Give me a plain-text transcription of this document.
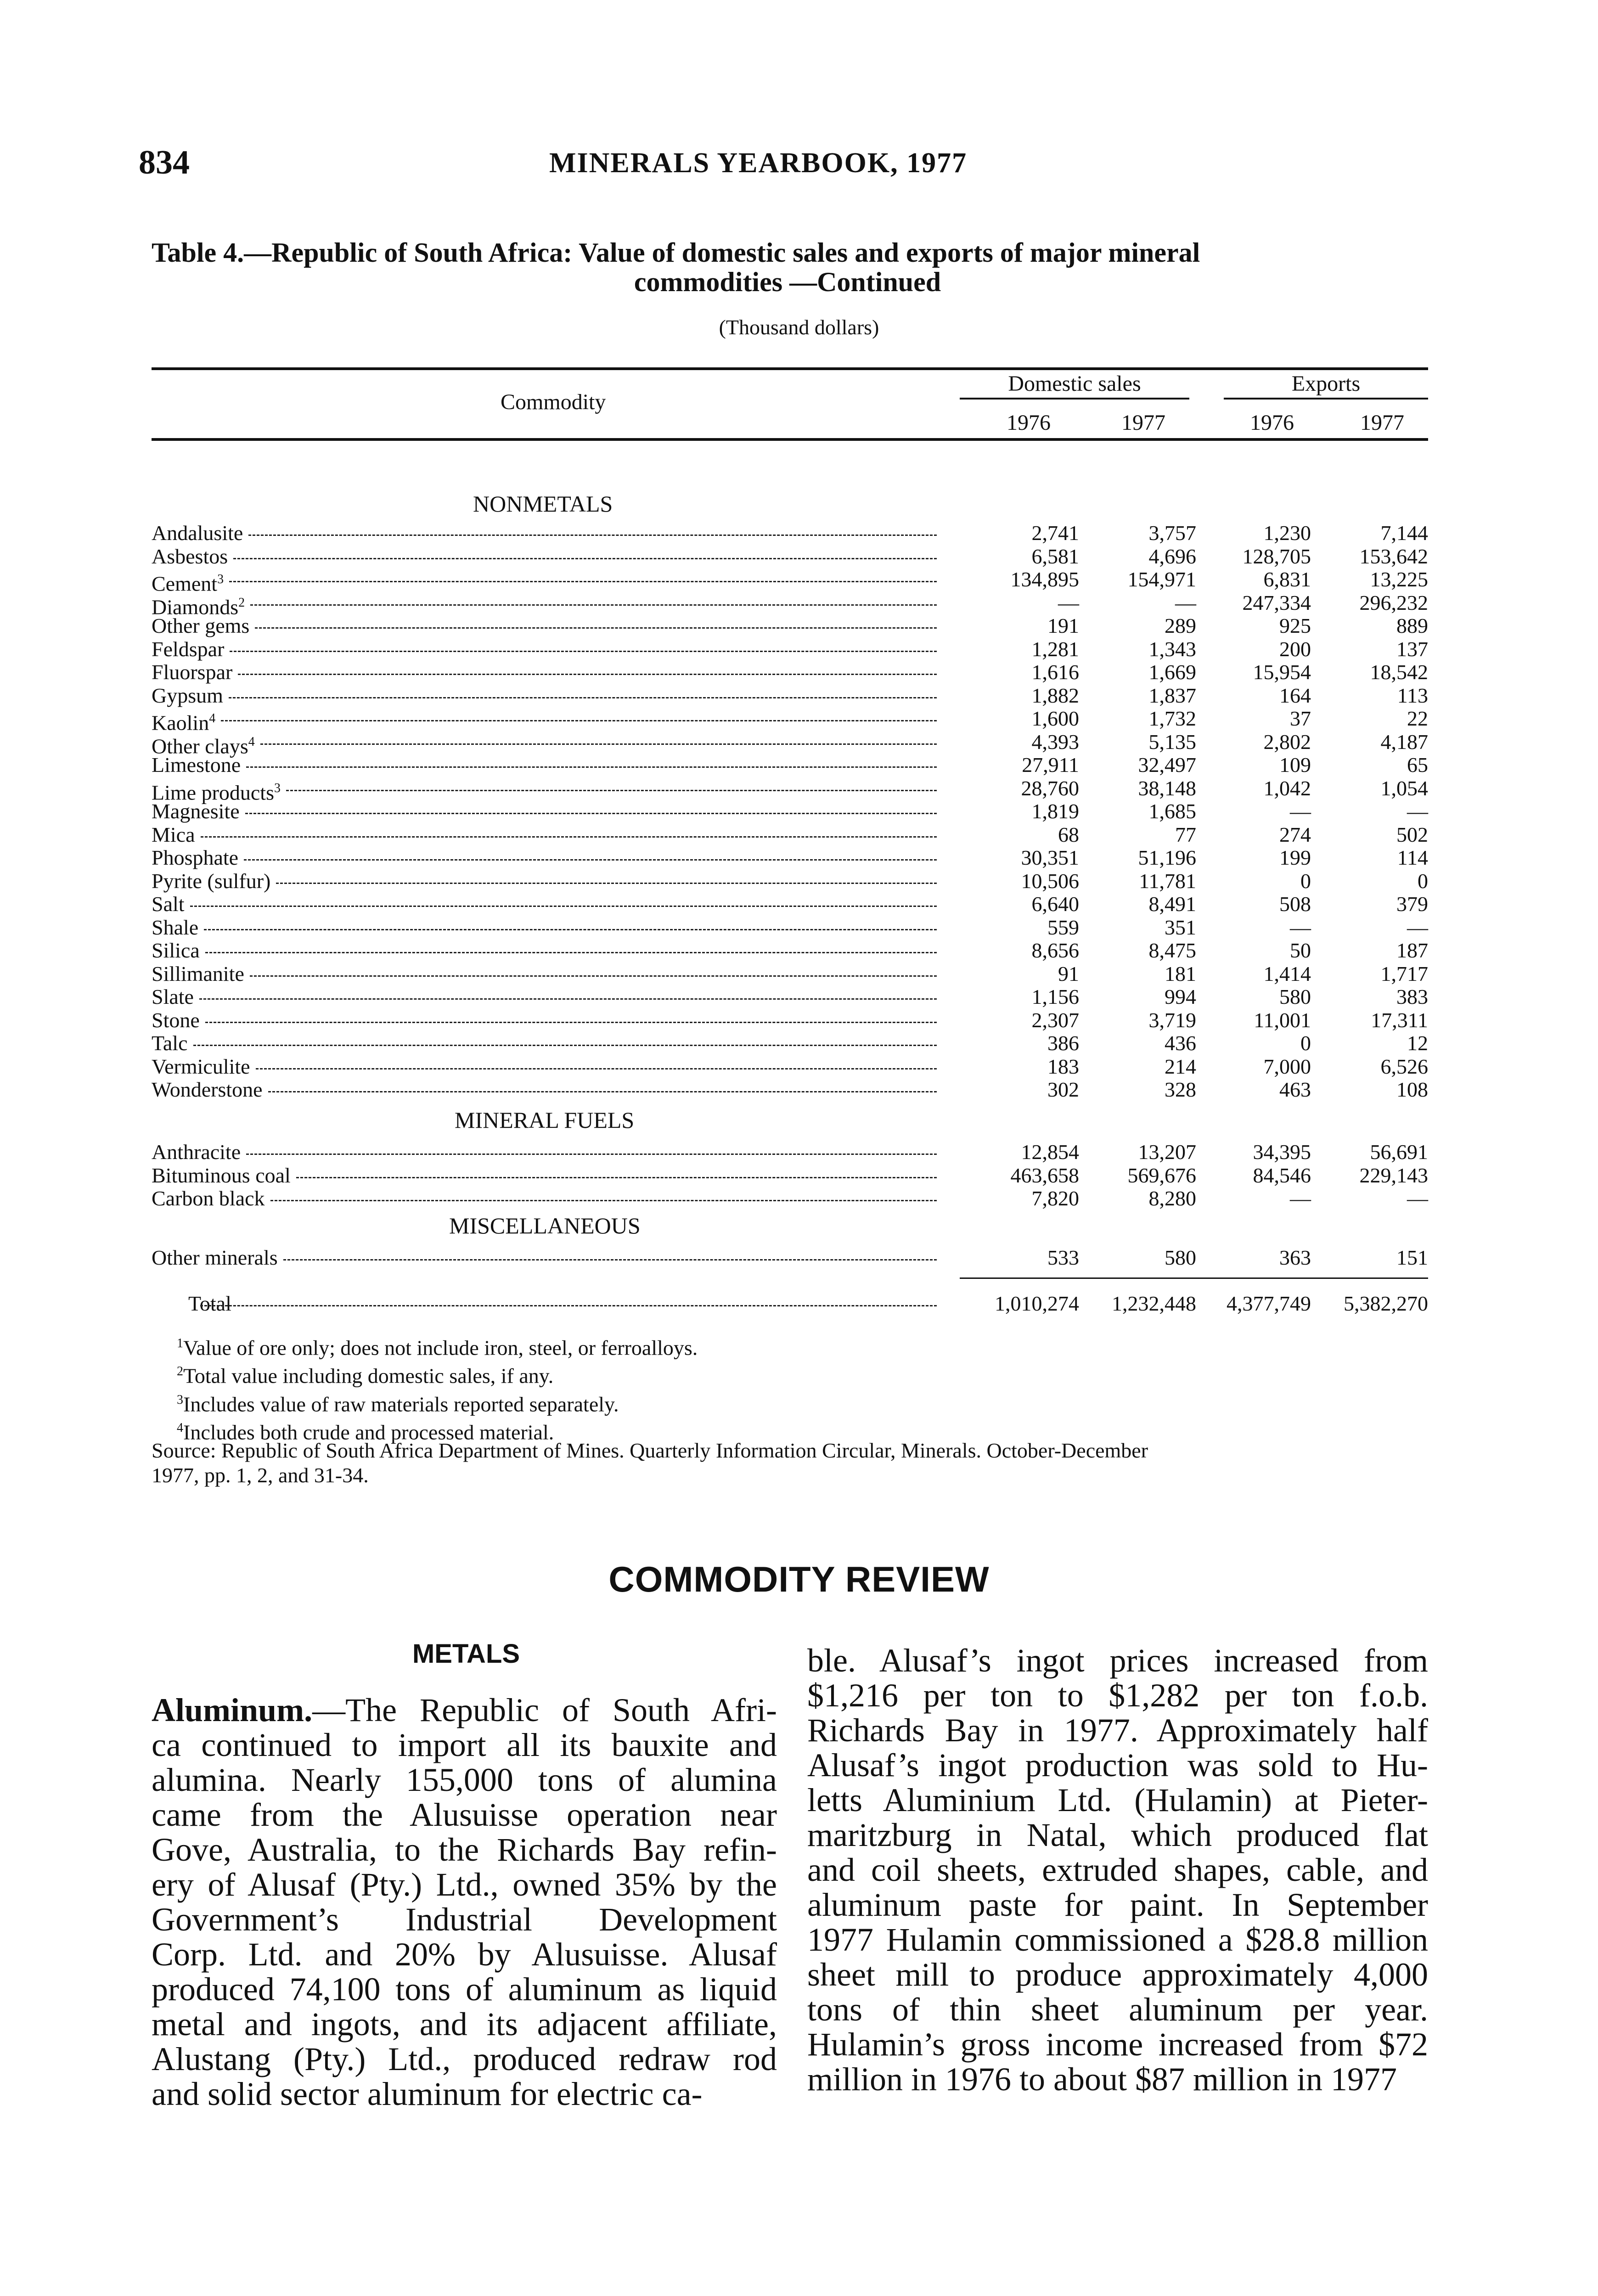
834	MINERALS YEARBOOK, 1977
Table 4.—Republic of South Africa: Value of domestic sales and exports of major mineral
commodities —Continued
(Thousand dollars)
Commodity
Domestic sales	Exports
1976	1977	1976	1977
NONMETALS
MINERAL FUELS
MISCELLANEOUS
Andalusite	2,741	3,757	1,230	7,144
Asbestos	6,581	4,696	128,705	153,642
Cement$^3$	134,895	154,971	6,831	13,225
Diamonds$^2$	—	—	247,334	296,232
Other gems	191	289	925	889
Feldspar	1,281	1,343	200	137
Fluorspar	1,616	1,669	15,954	18,542
Gypsum	1,882	1,837	164	113
Kaolin$^4$	1,600	1,732	37	22
Other clays$^4$	4,393	5,135	2,802	4,187
Limestone	27,911	32,497	109	65
Lime products$^3$	28,760	38,148	1,042	1,054
Magnesite	1,819	1,685	—	—
Mica	68	77	274	502
Phosphate	30,351	51,196	199	114
Pyrite (sulfur)	10,506	11,781	0	0
Salt	6,640	8,491	508	379
Shale	559	351	—	—
Silica	8,656	8,475	50	187
Sillimanite	91	181	1,414	1,717
Slate	1,156	994	580	383
Stone	2,307	3,719	11,001	17,311
Talc	386	436	0	12
Vermiculite	183	214	7,000	6,526
Wonderstone	302	328	463	108
Anthracite	12,854	13,207	34,395	56,691
Bituminous coal	463,658	569,676	84,546	229,143
Carbon black	7,820	8,280	—	—
Other minerals	533	580	363	151
Total	1,010,274	1,232,448	4,377,749	5,382,270
$^1$Value of ore only; does not include iron, steel, or ferroalloys.
$^2$Total value including domestic sales, if any.
$^3$Includes value of raw materials reported separately.
$^4$Includes both crude and processed material.
Source: Republic of South Africa Department of Mines. Quarterly Information Circular, Minerals. October-December
1977, pp. 1, 2, and 31-34.
COMMODITY REVIEW
METALS
Aluminum.—The Republic of South Afri-
ca continued to import all its bauxite and
alumina. Nearly 155,000 tons of alumina
came from the Alusuisse operation near
Gove, Australia, to the Richards Bay refin-
ery of Alusaf (Pty.) Ltd., owned 35% by the
Government’s Industrial Development
Corp. Ltd. and 20% by Alusuisse. Alusaf
produced 74,100 tons of aluminum as liquid
metal and ingots, and its adjacent affiliate,
Alustang (Pty.) Ltd., produced redraw rod
and solid sector aluminum for electric ca-
ble. Alusaf’s ingot prices increased from
$1,216 per ton to $1,282 per ton f.o.b.
Richards Bay in 1977. Approximately half
Alusaf’s ingot production was sold to Hu-
letts Aluminium Ltd. (Hulamin) at Pieter-
maritzburg in Natal, which produced flat
and coil sheets, extruded shapes, cable, and
aluminum paste for paint. In September
1977 Hulamin commissioned a $28.8 million
sheet mill to produce approximately 4,000
tons of thin sheet aluminum per year.
Hulamin’s gross income increased from $72
million in 1976 to about $87 million in 1977
